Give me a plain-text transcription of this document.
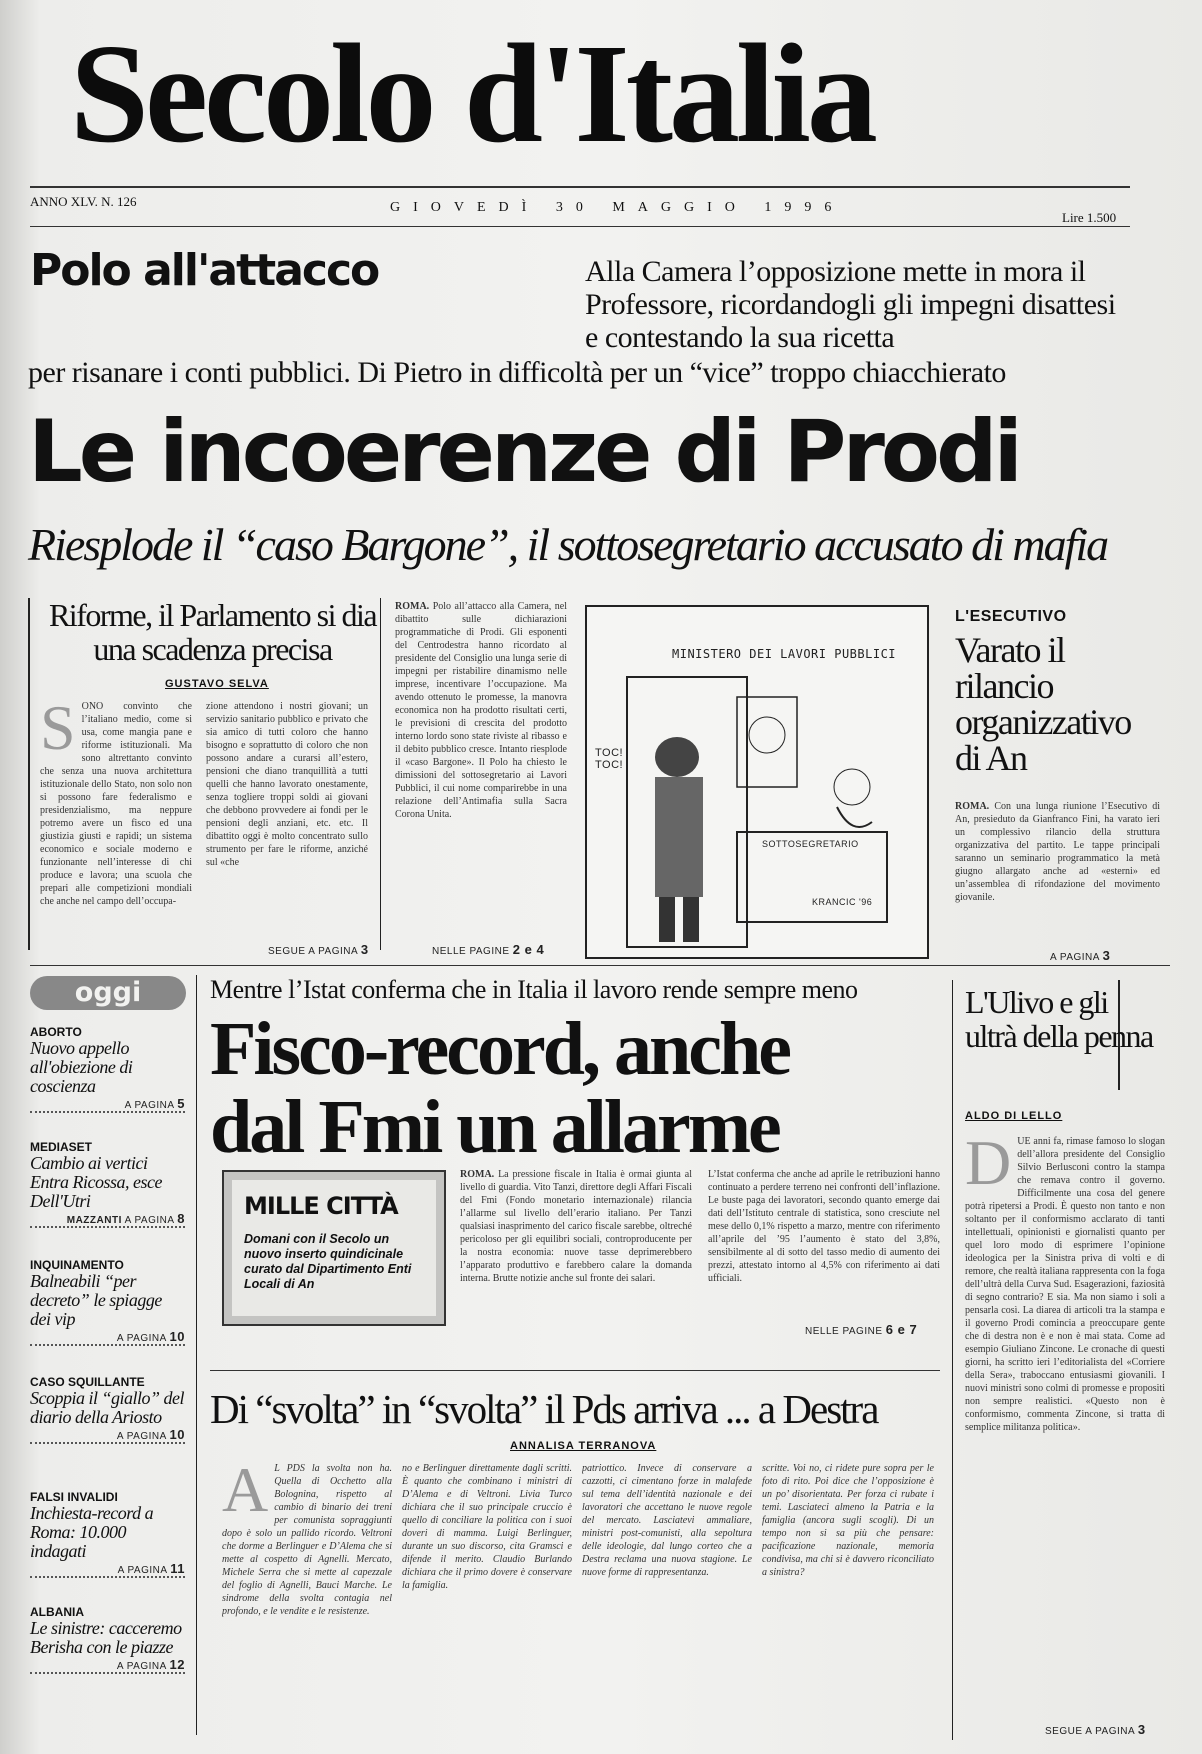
Secolo d'Italia
ANNO XLV. N. 126	GIOVEDÌ 30 MAGGIO 1996
Lire 1.500
Polo all'attacco	Alla Camera l’opposizione mette in mora il Professore, ricordandogli gli impegni disattesi e contestando la sua ricetta
per risanare i conti pubblici. Di Pietro in difficoltà per un “vice” troppo chiacchierato
Le incoerenze di Prodi
Riesplode il “caso Bargone”, il sottosegretario accusato di mafia
Riforme, il Parlamento si dia una scadenza precisa
GUSTAVO SELVA
SONO convinto che l’italiano medio, come si usa, come mangia pane e riforme istituzionali. Ma sono altrettanto convinto che senza una nuova architettura istituzionale dello Stato, non solo non si possono fare federalismo e presidenzialismo, ma neppure potremo avere un fisco ed una giustizia giusti e rapidi; un sistema economico e sociale moderno e funzionante nell’interesse di chi produce e lavora; una scuola che prepari alle competizioni mondiali che anche nel campo dell’occupa-
zione attendono i nostri giovani; un servizio sanitario pubblico e privato che sia amico di tutti coloro che hanno bisogno e soprattutto di coloro che non possono andare a curarsi all’estero, pensioni che diano tranquillità a tutti quelli che hanno lavorato onestamente, senza togliere troppi soldi ai giovani che debbono provvedere ai fondi per le pensioni degli anziani, etc. etc. Il dibattito oggi è molto concentrato sullo strumento per fare le riforme, anziché sul «che
SEGUE A PAGINA 3
ROMA. Polo all’attacco alla Camera, nel dibattito sulle dichiarazioni programmatiche di Prodi. Gli esponenti del Centrodestra hanno ricordato al presidente del Consiglio una lunga serie di impegni per ristabilire dinamismo nelle imprese, incentivare l’occupazione. Ma avendo ottenuto le promesse, la manovra economica non ha prodotto risultati certi, le previsioni di crescita del prodotto interno lordo sono state riviste al ribasso e il debito pubblico cresce. Intanto riesplode il «caso Bargone». Il Polo ha chiesto le dimissioni del sottosegretario ai Lavori Pubblici, il cui nome comparirebbe in una relazione dell’Antimafia sulla Sacra Corona Unita.
NELLE PAGINE 2 e 4
MINISTERO DEI LAVORI PUBBLICI
TOC! TOC!
SOTTOSEGRETARIO
KRANCIC '96
L'ESECUTIVO
Varato il rilancio organizzativo di An
ROMA. Con una lunga riunione l’Esecutivo di An, presieduto da Gianfranco Fini, ha varato ieri un complessivo rilancio della struttura organizzativa del partito. Le tappe principali saranno un seminario programmatico la metà giugno allargato anche ad «esterni» ed un’assemblea di rifondazione del movimento giovanile.
A PAGINA 3
oggi
ABORTO
Nuovo appello all'obiezione di coscienza
A PAGINA 5
MEDIASET
Cambio ai vertici Entra Ricossa, esce Dell'Utri
MAZZANTI A PAGINA 8
INQUINAMENTO
Balneabili “per decreto” le spiagge dei vip
A PAGINA 10
CASO SQUILLANTE
Scoppia il “giallo” del diario della Ariosto
A PAGINA 10
FALSI INVALIDI
Inchiesta-record a Roma: 10.000 indagati
A PAGINA 11
ALBANIA
Le sinistre: cacceremo Berisha con le piazze
A PAGINA 12
Mentre l’Istat conferma che in Italia il lavoro rende sempre meno
Fisco-record, anche dal Fmi un allarme
MILLE CITTÀ
Domani con il Secolo un nuovo inserto quindicinale curato dal Dipartimento Enti Locali di An
ROMA. La pressione fiscale in Italia è ormai giunta al livello di guardia. Vito Tanzi, direttore degli Affari Fiscali del Fmi (Fondo monetario internazionale) rilancia l’allarme sul livello dell’erario italiano. Per Tanzi qualsiasi inasprimento del carico fiscale sarebbe, oltreché pericoloso per gli equilibri sociali, controproducente per la nostra economia: nuove tasse deprimerebbero l’apparato produttivo e farebbero calare la domanda interna. Brutte notizie anche sul fronte dei salari.
L’Istat conferma che anche ad aprile le retribuzioni hanno continuato a perdere terreno nei confronti dell’inflazione. Le buste paga dei lavoratori, secondo quanto emerge dai dati dell’Istituto centrale di statistica, sono cresciute nel mese dello 0,1% rispetto a marzo, mentre con riferimento all’aprile del ’95 l’aumento è stato del 3,8%, sensibilmente al di sotto del tasso medio di aumento dei prezzi, attestato intorno al 4,5% con riferimento ai dati ufficiali.
NELLE PAGINE 6 e 7
Di “svolta” in “svolta” il Pds arriva ... a Destra
ANNALISA TERRANOVA
A L PDS la svolta non ha. Quella di Occhetto alla Bolognina, rispetto al cambio di binario dei treni per comunista sopraggiunti dopo è solo un pallido ricordo. Veltroni che dorme a Berlinguer e D’Alema che si mette al cospetto di Agnelli. Mercato, Michele Serra che si mette al capezzale del foglio di Agnelli, Bauci Marche. Le sindrome della svolta contagia nel profondo, e le vendite e le resistenze.
no e Berlinguer direttamente dagli scritti. È quanto che combinano i ministri di D’Alema e di Veltroni. Livia Turco dichiara che il suo principale cruccio è quello di conciliare la politica con i suoi doveri di mamma. Luigi Berlinguer, durante un suo discorso, cita Gramsci e difende il merito. Claudio Burlando dichiara che il primo dovere è conservare la famiglia.
patriottico. Invece di conservare a cazzotti, ci cimentano forze in malafede sul tema dell’identità nazionale e dei lavoratori che accettano le nuove regole del mercato. Lasciatevi ammaliare, ministri post-comunisti, alla sepoltura delle ideologie, dal lungo corteo che a Destra reclama una nuova stagione. Le nuove forme di rappresentanza.
scritte. Voi no, ci ridete pure sopra per le foto di rito. Poi dice che l’opposizione è un po’ disorientata. Per forza ci rubate i temi. Lasciateci almeno la Patria e la famiglia (ancora sugli scogli). Di un tempo non si sa più che pensare: pacificazione nazionale, memoria condivisa, ma chi si è davvero riconciliato a sinistra?
L'Ulivo e gli ultrà della penna
ALDO DI LELLO
DUE anni fa, rimase famoso lo slogan dell’allora presidente del Consiglio Silvio Berlusconi contro la stampa che remava contro il governo. Difficilmente una cosa del genere potrà ripetersi a Prodi. È questo non tanto e non soltanto per il conformismo acclarato di tanti intellettuali, opinionisti e giornalisti quanto per quel loro modo di esprimere l’opinione ideologica per la Sinistra priva di volti e di remore, che realtà italiana rappresenta con la foga dell’ultrà della Curva Sud. Esagerazioni, faziosità di segno contrario? E sia. Ma non siamo i soli a pensarla così. La diarea di articoli tra la stampa e il governo Prodi comincia a preoccupare gente che di destra non è e non è mai stata. Come ad esempio Giuliano Zincone. Le cronache di questi giorni, ha scritto ieri l’editorialista del «Corriere della Sera», traboccano entusiasmi giovanili. I nuovi ministri sono colmi di promesse e propositi non sempre realistici. «Questo non è conformismo, commenta Zincone, si tratta di semplice militanza politica».
SEGUE A PAGINA 3
